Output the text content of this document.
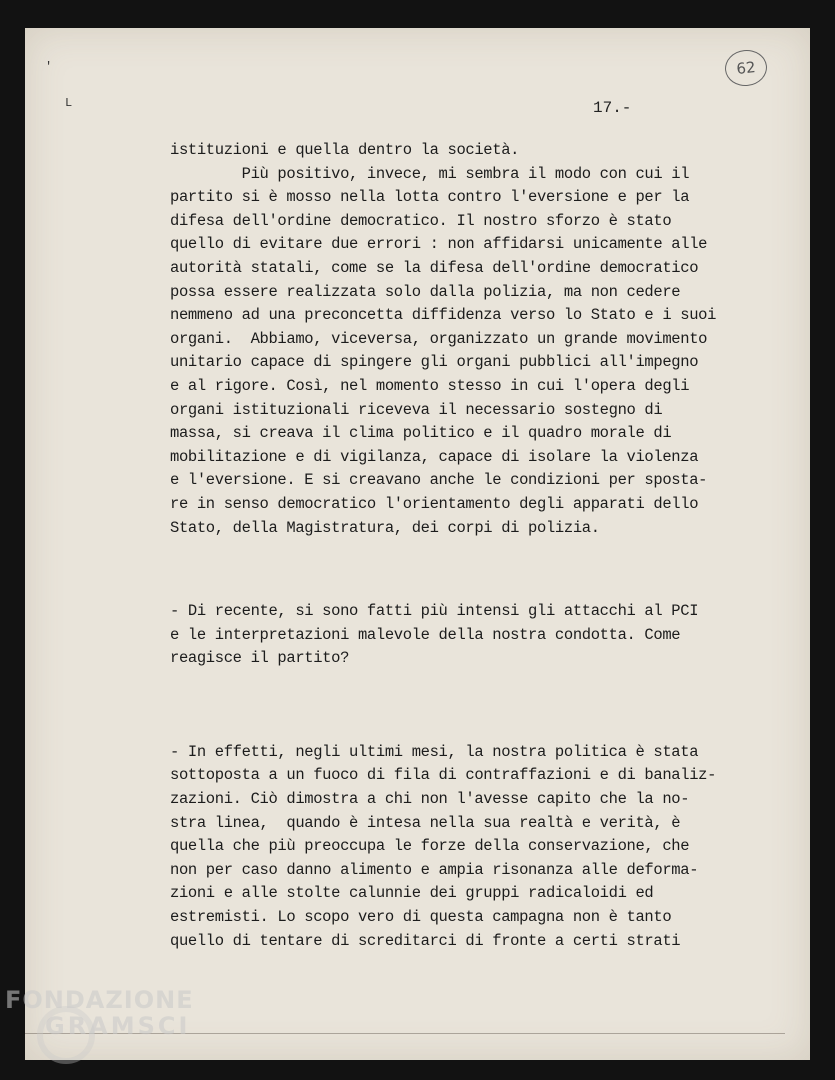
62
'
L	17.-
istituzioni e quella dentro la società.
Più positivo, invece, mi sembra il modo con cui il
partito si è mosso nella lotta contro l'eversione e per la
difesa dell'ordine democratico. Il nostro sforzo è stato
quello di evitare due errori : non affidarsi unicamente alle
autorità statali, come se la difesa dell'ordine democratico
possa essere realizzata solo dalla polizia, ma non cedere
nemmeno ad una preconcetta diffidenza verso lo Stato e i suoi
organi.  Abbiamo, viceversa, organizzato un grande movimento
unitario capace di spingere gli organi pubblici all'impegno
e al rigore. Così, nel momento stesso in cui l'opera degli
organi istituzionali riceveva il necessario sostegno di
massa, si creava il clima politico e il quadro morale di
mobilitazione e di vigilanza, capace di isolare la violenza
e l'eversione. E si creavano anche le condizioni per sposta-
re in senso democratico l'orientamento degli apparati dello
Stato, della Magistratura, dei corpi di polizia.
- Di recente, si sono fatti più intensi gli attacchi al PCI
e le interpretazioni malevole della nostra condotta. Come
reagisce il partito?
- In effetti, negli ultimi mesi, la nostra politica è stata
sottoposta a un fuoco di fila di contraffazioni e di banaliz-
zazioni. Ciò dimostra a chi non l'avesse capito che la no-
stra linea,  quando è intesa nella sua realtà e verità, è
quella che più preoccupa le forze della conservazione, che
non per caso danno alimento e ampia risonanza alle deforma-
zioni e alle stolte calunnie dei gruppi radicaloidi ed
estremisti. Lo scopo vero di questa campagna non è tanto
quello di tentare di screditarci di fronte a certi strati
FONDAZIONE
GRAMSCI
